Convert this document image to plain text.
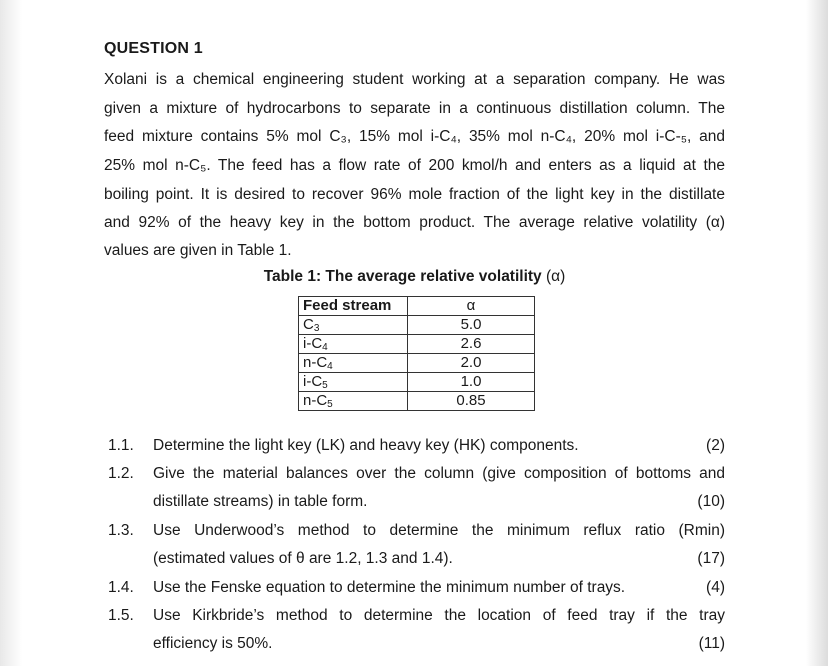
QUESTION 1
Xolani is a chemical engineering student working at a separation company. He was
given a mixture of hydrocarbons to separate in a continuous distillation column. The
feed mixture contains 5% mol C₃, 15% mol i-C₄, 35% mol n-C₄, 20% mol i-C-₅, and
25% mol n-C₅. The feed has a flow rate of 200 kmol/h and enters as a liquid at the
boiling point. It is desired to recover 96% mole fraction of the light key in the distillate
and 92% of the heavy key in the bottom product. The average relative volatility (α)
values are given in Table 1.
Table 1: The average relative volatility (α)
Feed stream	α
$C_3$	5.0
$i-C_4$	2.6
$n-C_4$	2.0
$i-C_5$	1.0
$n-C_5$	0.85
1.1. Determine the light key (LK) and heavy key (HK) components.	(2)
1.2. Give the material balances over the column (give composition of bottoms and
distillate streams) in table form.	(10)
1.3. Use Underwood’s method to determine the minimum reflux ratio (Rmin)
(estimated values of θ are 1.2, 1.3 and 1.4).	(17)
1.4. Use the Fenske equation to determine the minimum number of trays.	(4)
1.5. Use Kirkbride’s method to determine the location of feed tray if the tray
efficiency is 50%.	(11)
